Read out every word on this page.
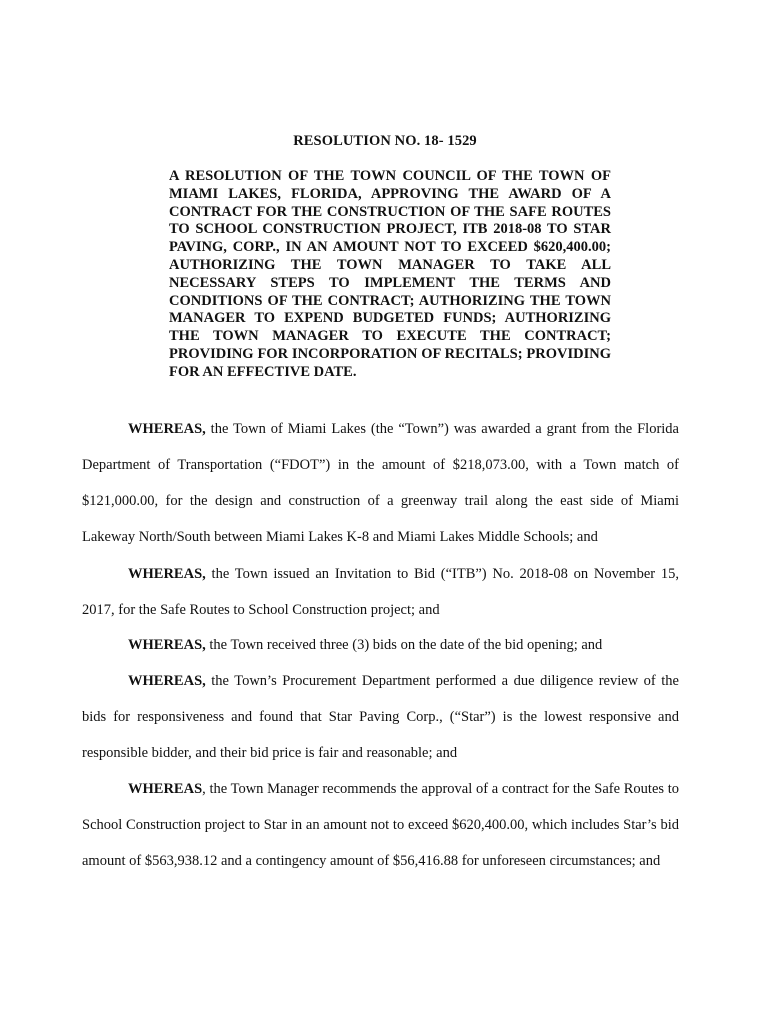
RESOLUTION NO. 18- 1529
A RESOLUTION OF THE TOWN COUNCIL OF THE TOWN OF MIAMI LAKES, FLORIDA, APPROVING THE AWARD OF A CONTRACT FOR THE CONSTRUCTION OF THE SAFE ROUTES TO SCHOOL CONSTRUCTION PROJECT, ITB 2018-08 TO STAR PAVING, CORP., IN AN AMOUNT NOT TO EXCEED $620,400.00; AUTHORIZING THE TOWN MANAGER TO TAKE ALL NECESSARY STEPS TO IMPLEMENT THE TERMS AND CONDITIONS OF THE CONTRACT; AUTHORIZING THE TOWN MANAGER TO EXPEND BUDGETED FUNDS; AUTHORIZING THE TOWN MANAGER TO EXECUTE THE CONTRACT; PROVIDING FOR INCORPORATION OF RECITALS; PROVIDING FOR AN EFFECTIVE DATE.
WHEREAS, the Town of Miami Lakes (the “Town”) was awarded a grant from the Florida Department of Transportation (“FDOT”) in the amount of $218,073.00, with a Town match of $121,000.00, for the design and construction of a greenway trail along the east side of Miami Lakeway North/South between Miami Lakes K-8 and Miami Lakes Middle Schools; and
WHEREAS, the Town issued an Invitation to Bid (“ITB”) No. 2018-08 on November 15, 2017, for the Safe Routes to School Construction project; and
WHEREAS, the Town received three (3) bids on the date of the bid opening; and
WHEREAS, the Town’s Procurement Department performed a due diligence review of the bids for responsiveness and found that Star Paving Corp., (“Star”) is the lowest responsive and responsible bidder, and their bid price is fair and reasonable; and
WHEREAS, the Town Manager recommends the approval of a contract for the Safe Routes to School Construction project to Star in an amount not to exceed $620,400.00, which includes Star’s bid amount of $563,938.12 and a contingency amount of $56,416.88 for unforeseen circumstances; and
